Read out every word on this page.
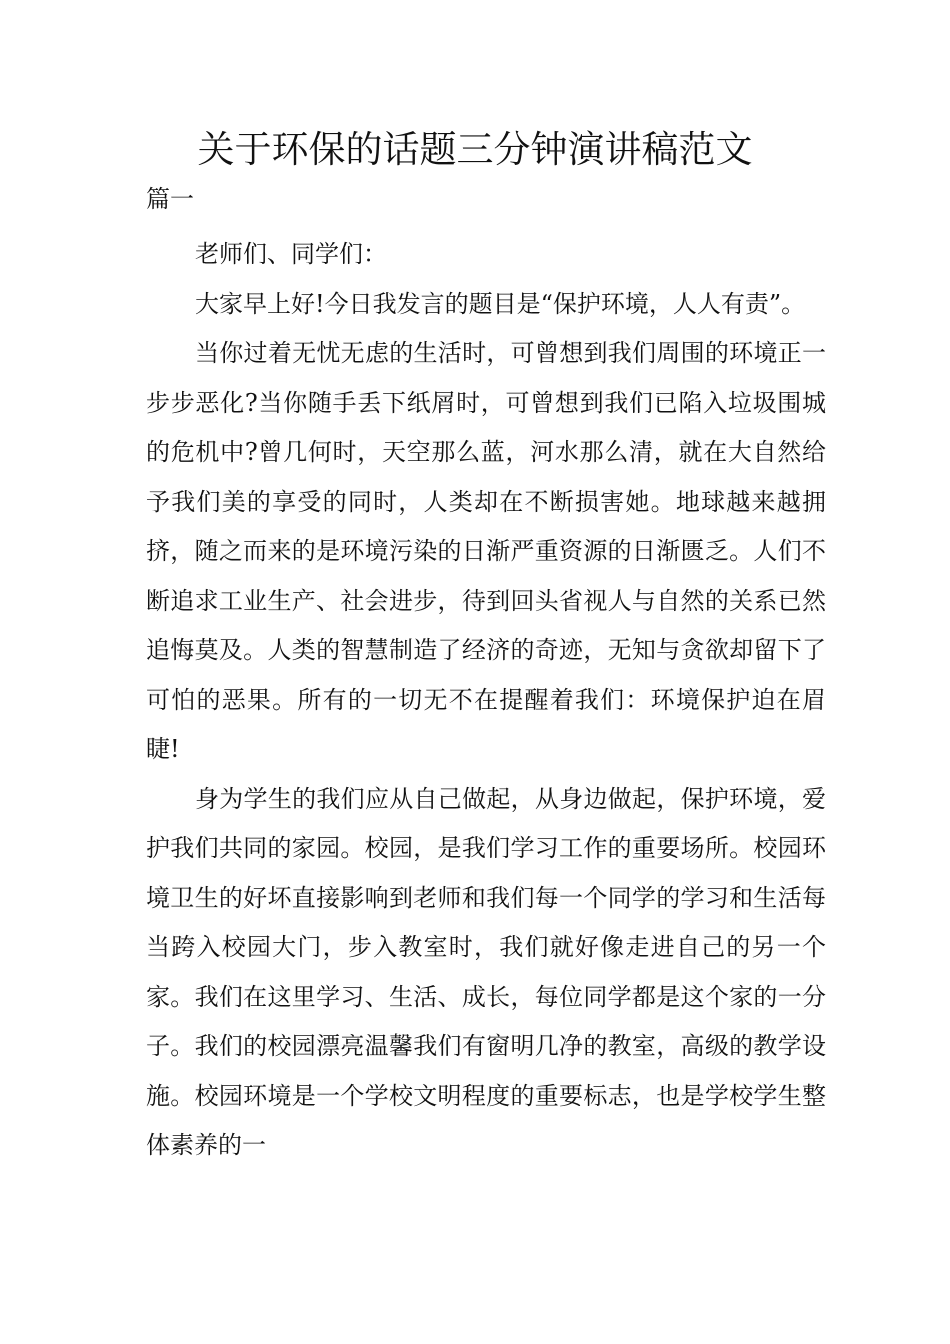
关于环保的话题三分钟演讲稿范文
篇一

老师们、同学们：

大家早上好!今日我发言的题目是“保护环境，人人有责”。

当你过着无忧无虑的生活时，可曾想到我们周围的环境正一步步恶化?当你随手丢下纸屑时，可曾想到我们已陷入垃圾围城的危机中?曾几何时，天空那么蓝，河水那么清，就在大自然给予我们美的享受的同时，人类却在不断损害她。地球越来越拥挤，随之而来的是环境污染的日渐严重资源的日渐匮乏。人们不断追求工业生产、社会进步，待到回头省视人与自然的关系已然追悔莫及。人类的智慧制造了经济的奇迹，无知与贪欲却留下了可怕的恶果。所有的一切无不在提醒着我们：环境保护迫在眉睫!

身为学生的我们应从自己做起，从身边做起，保护环境，爱护我们共同的家园。校园，是我们学习工作的重要场所。校园环境卫生的好坏直接影响到老师和我们每一个同学的学习和生活每当跨入校园大门，步入教室时，我们就好像走进自己的另一个家。我们在这里学习、生活、成长，每位同学都是这个家的一分子。我们的校园漂亮温馨我们有窗明几净的教室，高级的教学设施。校园环境是一个学校文明程度的重要标志，也是学校学生整体素养的一
